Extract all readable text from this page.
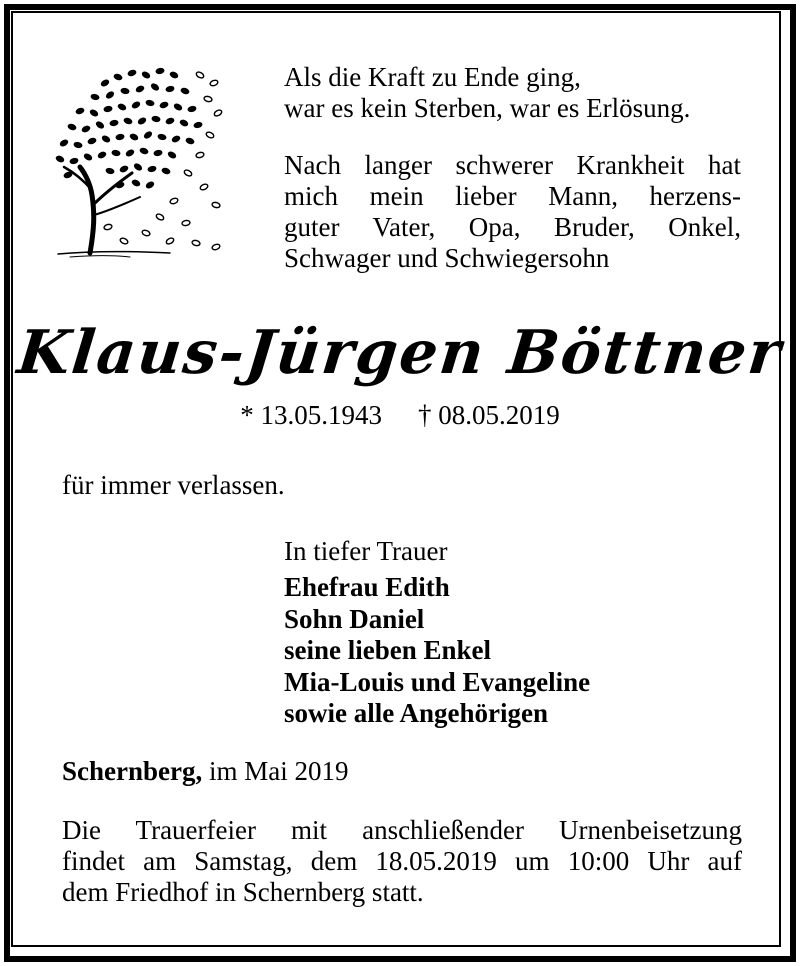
Als die Kraft zu Ende ging,
war es kein Sterben, war es Erlösung.
Nach langer schwerer Krankheit hat
mich mein lieber Mann, herzens-
guter Vater, Opa, Bruder, Onkel,
Schwager und Schwiegersohn
Klaus-Jürgen Böttner
* 13.05.1943 † 08.05.2019
für immer verlassen.
In tiefer Trauer
Ehefrau Edith
Sohn Daniel
seine lieben Enkel
Mia-Louis und Evangeline
sowie alle Angehörigen
Schernberg, im Mai 2019
Die Trauerfeier mit anschließender Urnenbeisetzung
findet am Samstag, dem 18.05.2019 um 10:00 Uhr auf
dem Friedhof in Schernberg statt.
